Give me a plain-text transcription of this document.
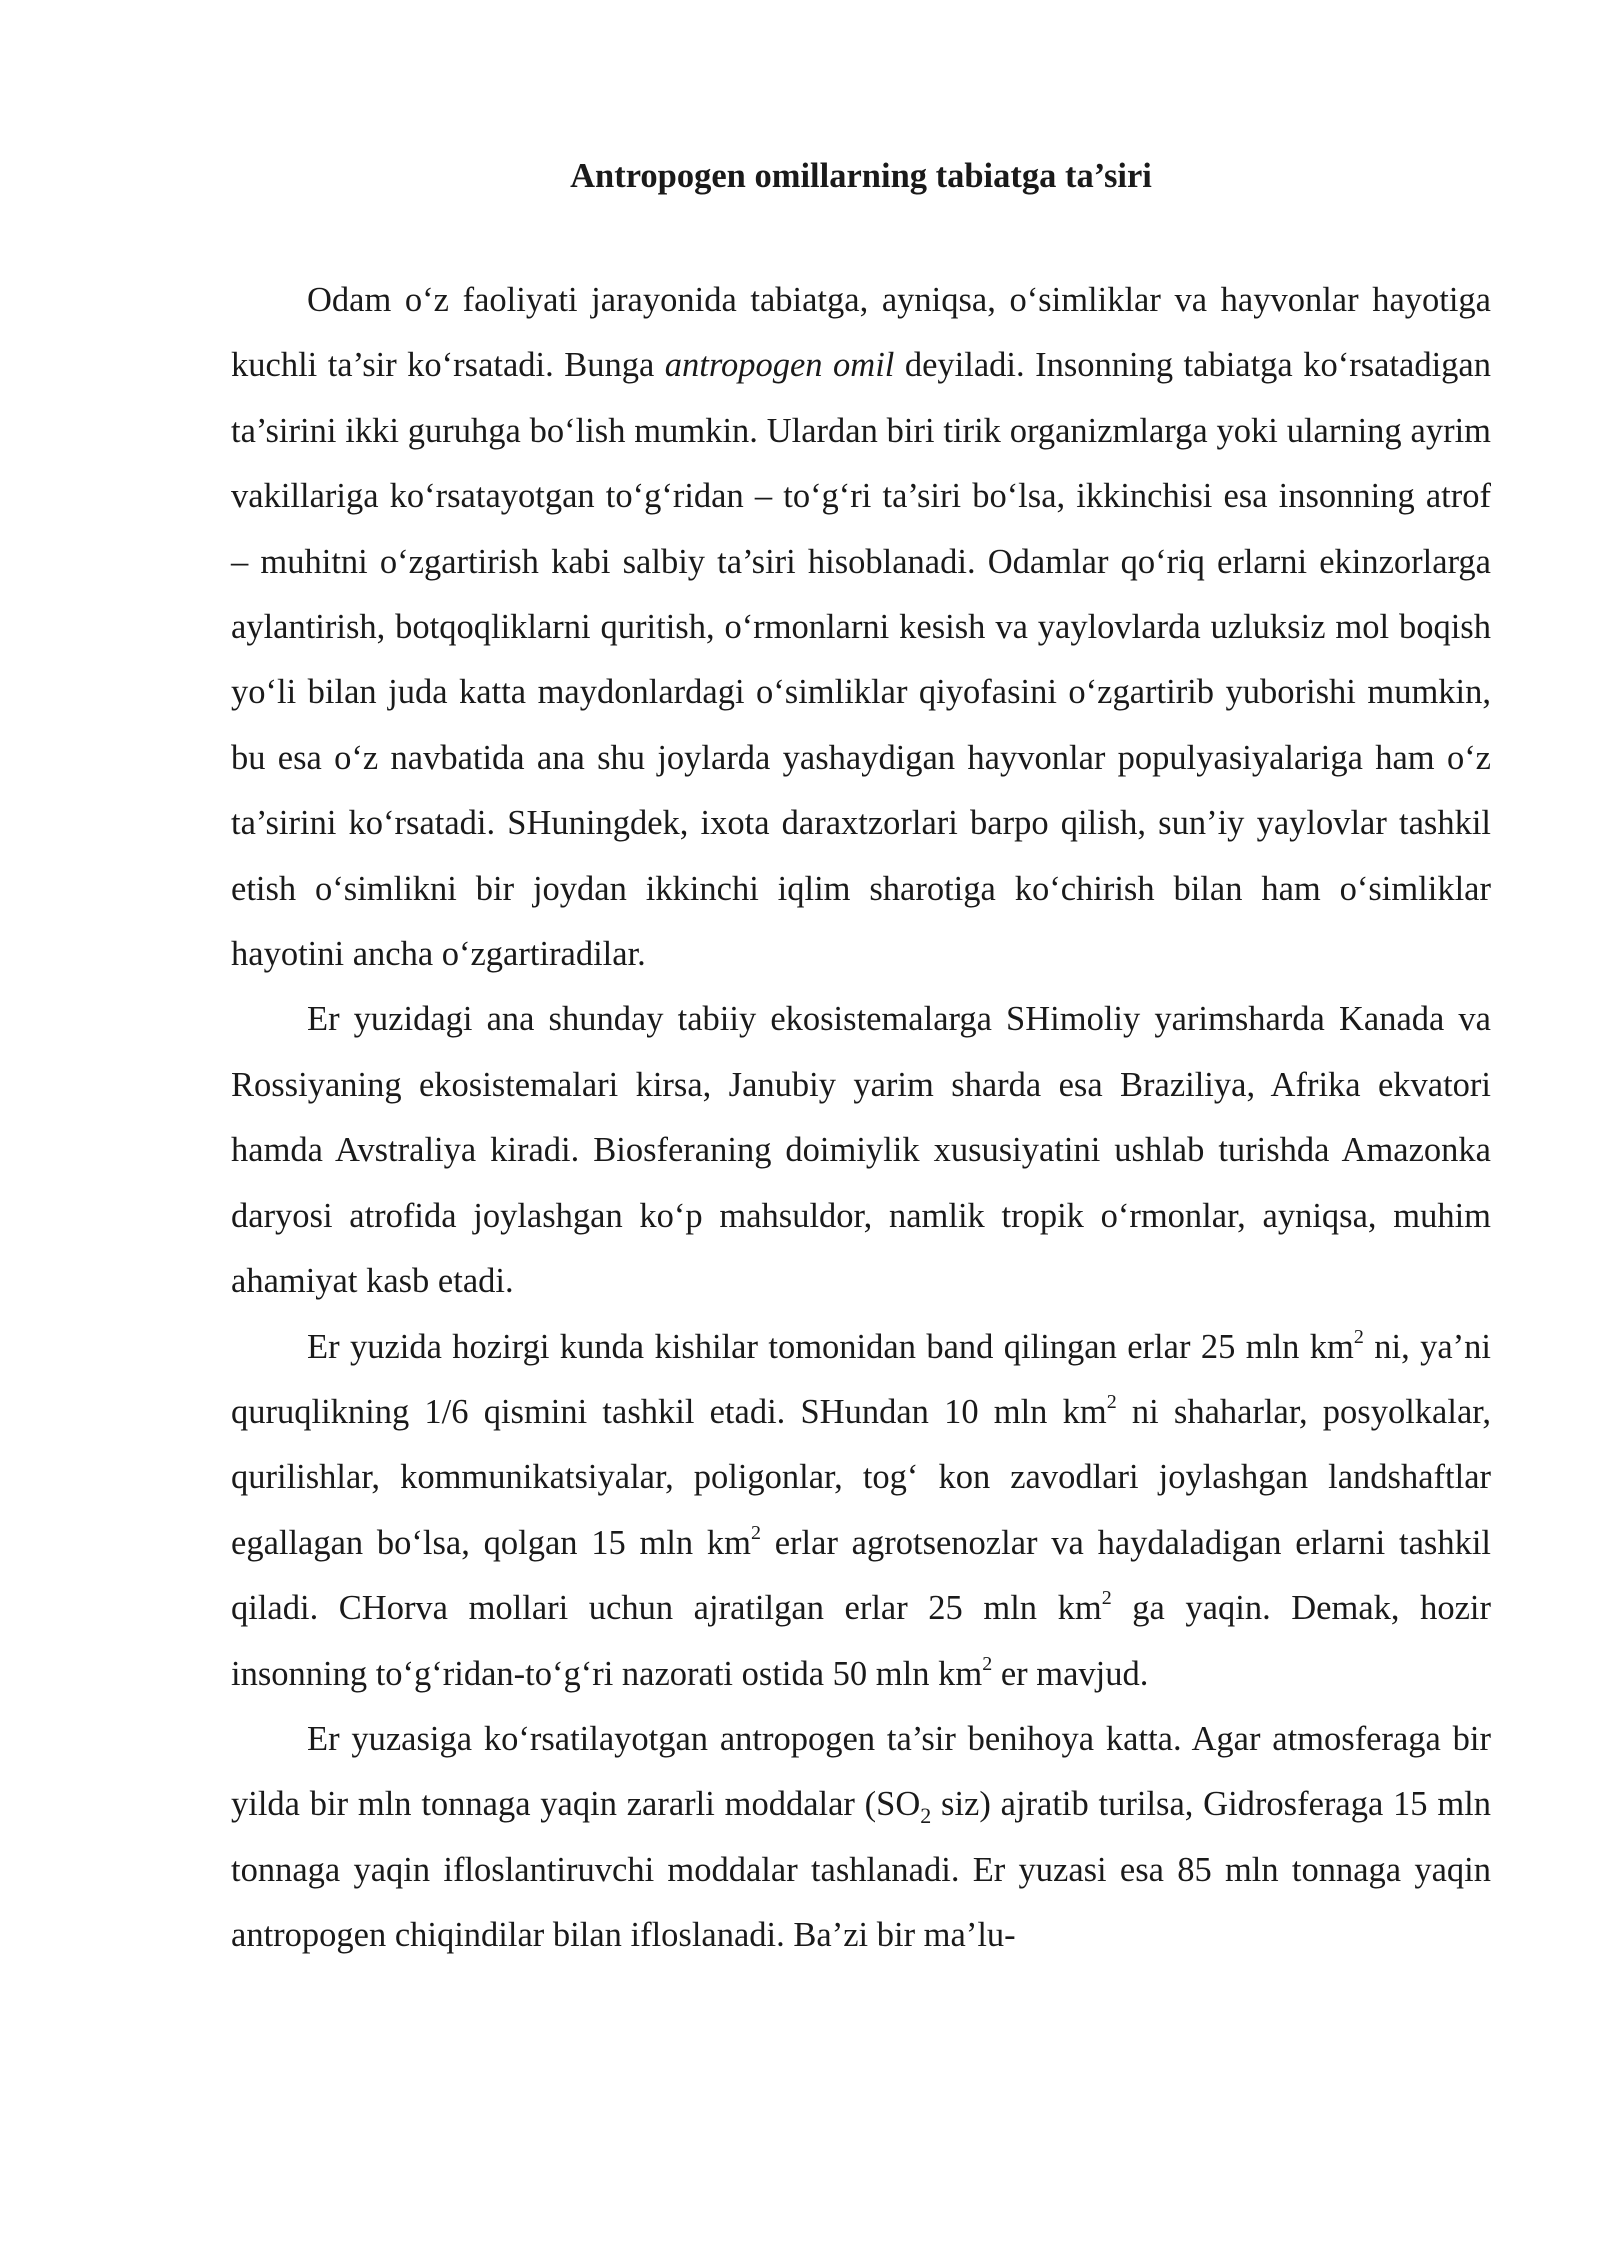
Antropogen omillarning tabiatga ta’siri

Odam o‘z faoliyati jarayonida tabiatga, ayniqsa, o‘simliklar va hayvonlar hayotiga kuchli ta’sir ko‘rsatadi. Bunga antropogen omil deyiladi. Insonning tabiatga ko‘rsatadigan ta’sirini ikki guruhga bo‘lish mumkin. Ulardan biri tirik organizmlarga yoki ularning ayrim vakillariga ko‘rsatayotgan to‘g‘ridan – to‘g‘ri ta’siri bo‘lsa, ikkinchisi esa insonning atrof – muhitni o‘zgartirish kabi salbiy ta’siri hisoblanadi. Odamlar qo‘riq erlarni ekinzorlarga aylantirish, botqoqliklarni quritish, o‘rmonlarni kesish va yaylovlarda uzluksiz mol boqish yo‘li bilan juda katta maydonlardagi o‘simliklar qiyofasini o‘zgartirib yuborishi mumkin, bu esa o‘z navbatida ana shu joylarda yashaydigan hayvonlar populyasiyalariga ham o‘z ta’sirini ko‘rsatadi. SHuningdek, ixota daraxtzorlari barpo qilish, sun’iy yaylovlar tashkil etish o‘simlikni bir joydan ikkinchi iqlim sharotiga ko‘chirish bilan ham o‘simliklar hayotini ancha o‘zgartiradilar.

Er yuzidagi ana shunday tabiiy ekosistemalarga SHimoliy yarimsharda Kanada va Rossiyaning ekosistemalari kirsa, Janubiy yarim sharda esa Braziliya, Afrika ekvatori hamda Avstraliya kiradi. Biosferaning doimiylik xususiyatini ushlab turishda Amazonka daryosi atrofida joylashgan ko‘p mahsuldor, namlik tropik o‘rmonlar, ayniqsa, muhim ahamiyat kasb etadi.

Er yuzida hozirgi kunda kishilar tomonidan band qilingan erlar 25 mln $km^2$ ni, ya’ni quruqlikning 1/6 qismini tashkil etadi. SHundan 10 mln $km^2$ ni shaharlar, posyolkalar, qurilishlar, kommunikatsiyalar, poligonlar, tog‘ kon zavodlari joylashgan landshaftlar egallagan bo‘lsa, qolgan 15 mln $km^2$ erlar agrotsenozlar va haydaladigan erlarni tashkil qiladi. CHorva mollari uchun ajratilgan erlar 25 mln $km^2$ ga yaqin. Demak, hozir insonning to‘g‘ridan-to‘g‘ri nazorati ostida 50 mln $km^2$ er mavjud.

Er yuzasiga ko‘rsatilayotgan antropogen ta’sir benihoya katta. Agar atmosferaga bir yilda bir mln tonnaga yaqin zararli moddalar ($SO_2$ siz) ajratib turilsa, Gidrosferaga 15 mln tonnaga yaqin ifloslantiruvchi moddalar tashlanadi. Er yuzasi esa 85 mln tonnaga yaqin antropogen chiqindilar bilan ifloslanadi. Ba’zi bir ma’lu-
